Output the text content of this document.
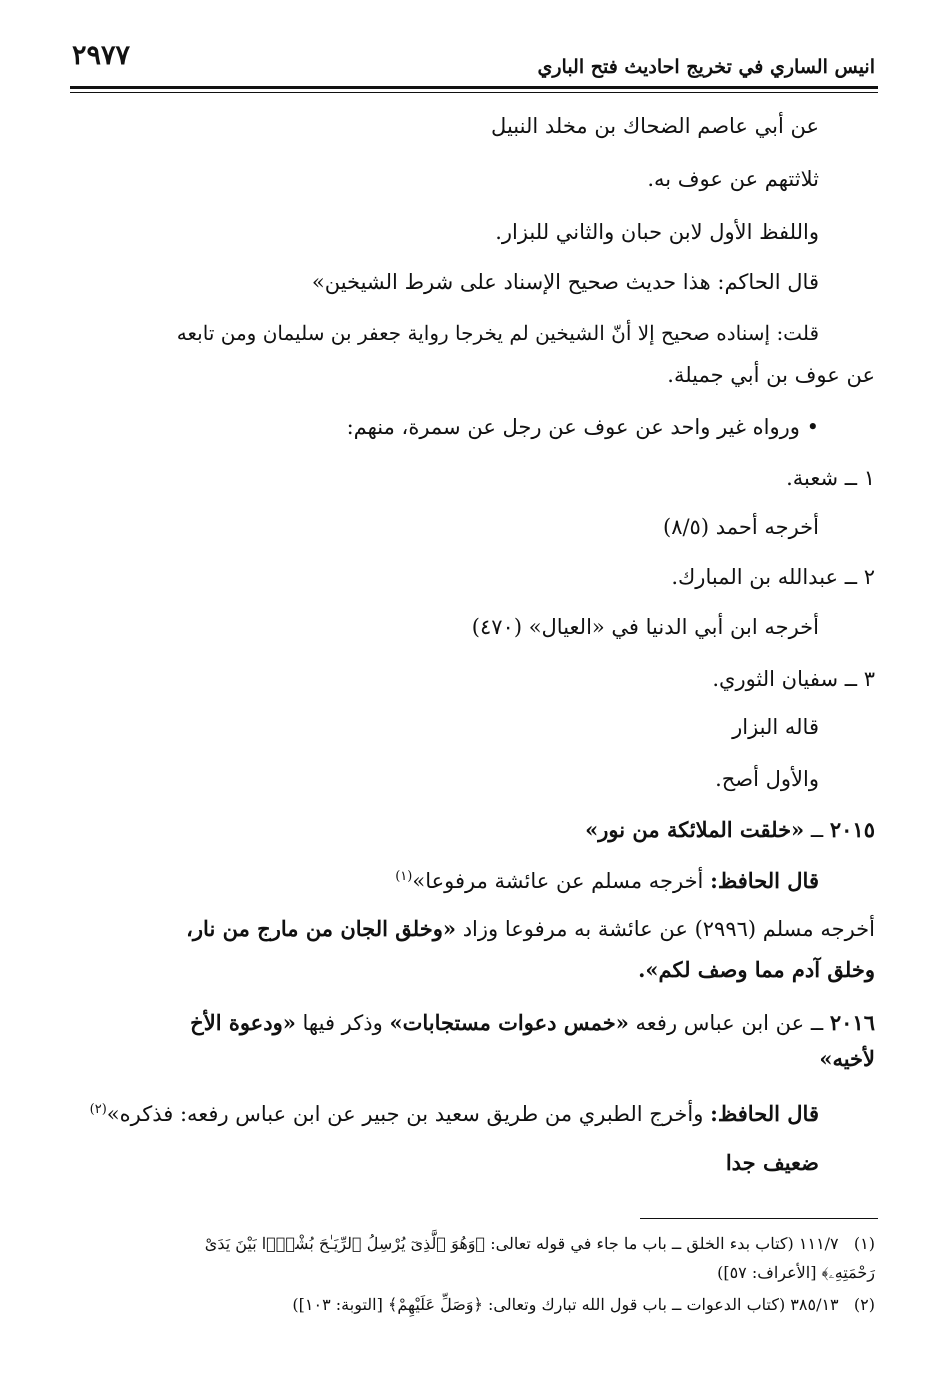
٢٩٧٧	انيس الساري في تخريج احاديث فتح الباري
عن أبي عاصم الضحاك بن مخلد النبيل
ثلاثتهم عن عوف به.
واللفظ الأول لابن حبان والثاني للبزار.
قال الحاكم: هذا حديث صحيح الإسناد على شرط الشيخين»
قلت: إسناده صحيح إلا أنّ الشيخين لم يخرجا رواية جعفر بن سليمان ومن تابعه
عن عوف بن أبي جميلة.
• ورواه غير واحد عن عوف عن رجل عن سمرة، منهم:
١ ــ شعبة.
أخرجه أحمد (٨/٥)
٢ ــ عبدالله بن المبارك.
أخرجه ابن أبي الدنيا في «العيال» (٤٧٠)
٣ ــ سفيان الثوري.
قاله البزار
والأول أصح.
٢٠١٥ ــ «خلقت الملائكة من نور»
قال الحافظ: أخرجه مسلم عن عائشة مرفوعا»$^{(١)}$
أخرجه مسلم (٢٩٩٦) عن عائشة به مرفوعا وزاد «وخلق الجان من مارج من نار،
وخلق آدم مما وصف لكم».
٢٠١٦ ــ عن ابن عباس رفعه «خمس دعوات مستجابات» وذكر فيها «ودعوة الأخ
لأخيه»
قال الحافظ: وأخرج الطبري من طريق سعيد بن جبير عن ابن عباس رفعه: فذكره»$^{(٢)}$
ضعيف جدا
(١)   ١١١/٧ (كتاب بدء الخلق ــ باب ما جاء في قوله تعالى: ﴿وَهُوَ ٱلَّذِىٓ يُرْسِلُ ٱلرِّيَـٰحَ بُشْرًۢا بَيْنَ يَدَىْ
رَحْمَتِهِۦ﴾ [الأعراف: ٥٧])
(٢)   ٣٨٥/١٣ (كتاب الدعوات ــ باب قول الله تبارك وتعالى: ﴿وَصَلِّ عَلَيْهِمْ﴾ [التوبة: ١٠٣])
